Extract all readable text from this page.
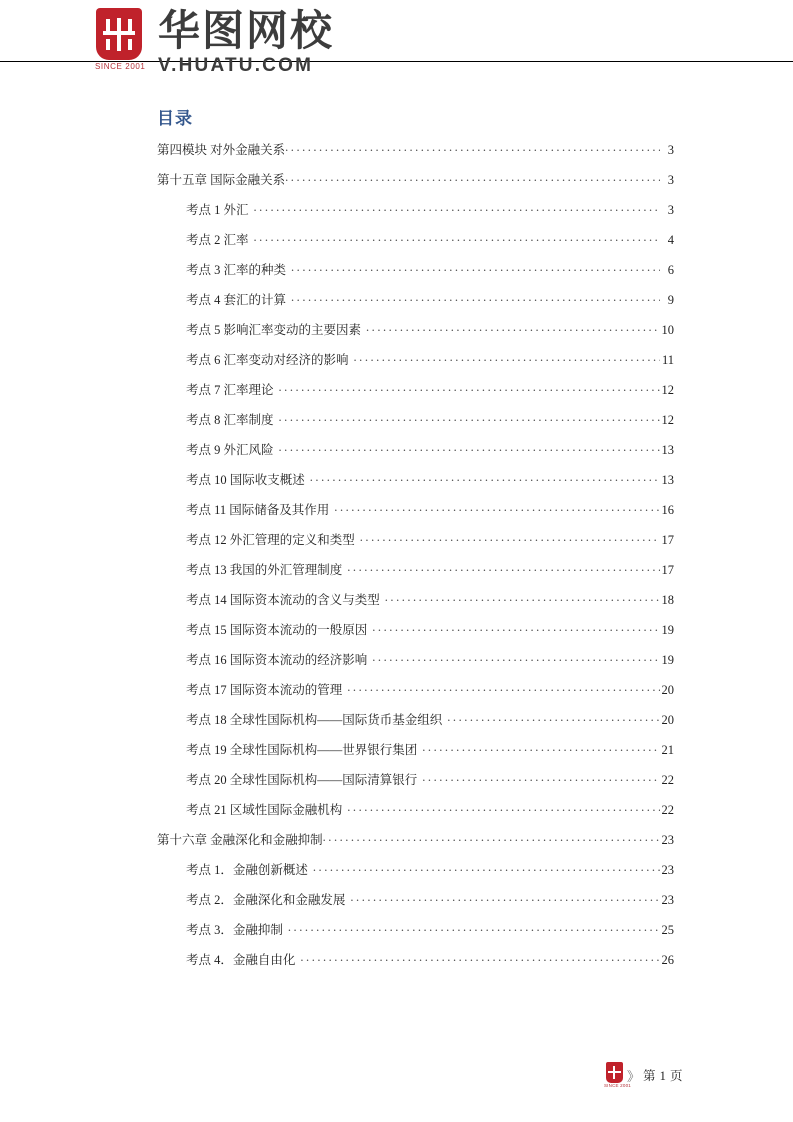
SINCE 2001
华图网校
V.HUATU.COM
目录
第四模块 对外金融关系 . . .	3
第十五章 国际金融关系 . . .	3
考点 1 外汇 . . .	3
考点 2 汇率 . . .	4
考点 3 汇率的种类 . . .	6
考点 4 套汇的计算 . . .	9
考点 5 影响汇率变动的主要因素 . . .	10
考点 6 汇率变动对经济的影响 . . .	11
考点 7 汇率理论 . . .	12
考点 8 汇率制度 . . .	12
考点 9 外汇风险 . . .	13
考点 10 国际收支概述 . . .	13
考点 11 国际储备及其作用 . . .	16
考点 12 外汇管理的定义和类型 . . .	17
考点 13 我国的外汇管理制度 . . .	17
考点 14 国际资本流动的含义与类型 . . .	18
考点 15 国际资本流动的一般原因 . . .	19
考点 16 国际资本流动的经济影响 . . .	19
考点 17 国际资本流动的管理 . . .	20
考点 18 全球性国际机构——国际货币基金组织 . . .	20
考点 19 全球性国际机构——世界银行集团 . . .	21
考点 20 全球性国际机构——国际清算银行 . . .	22
考点 21 区域性国际金融机构 . . .	22
第十六章 金融深化和金融抑制 . . .	23
考点 1．金融创新概述 . . .	23
考点 2．金融深化和金融发展 . . .	23
考点 3．金融抑制 . . .	25
考点 4．金融自由化 . . .	26
SINCE 2001
》 第 1 页
